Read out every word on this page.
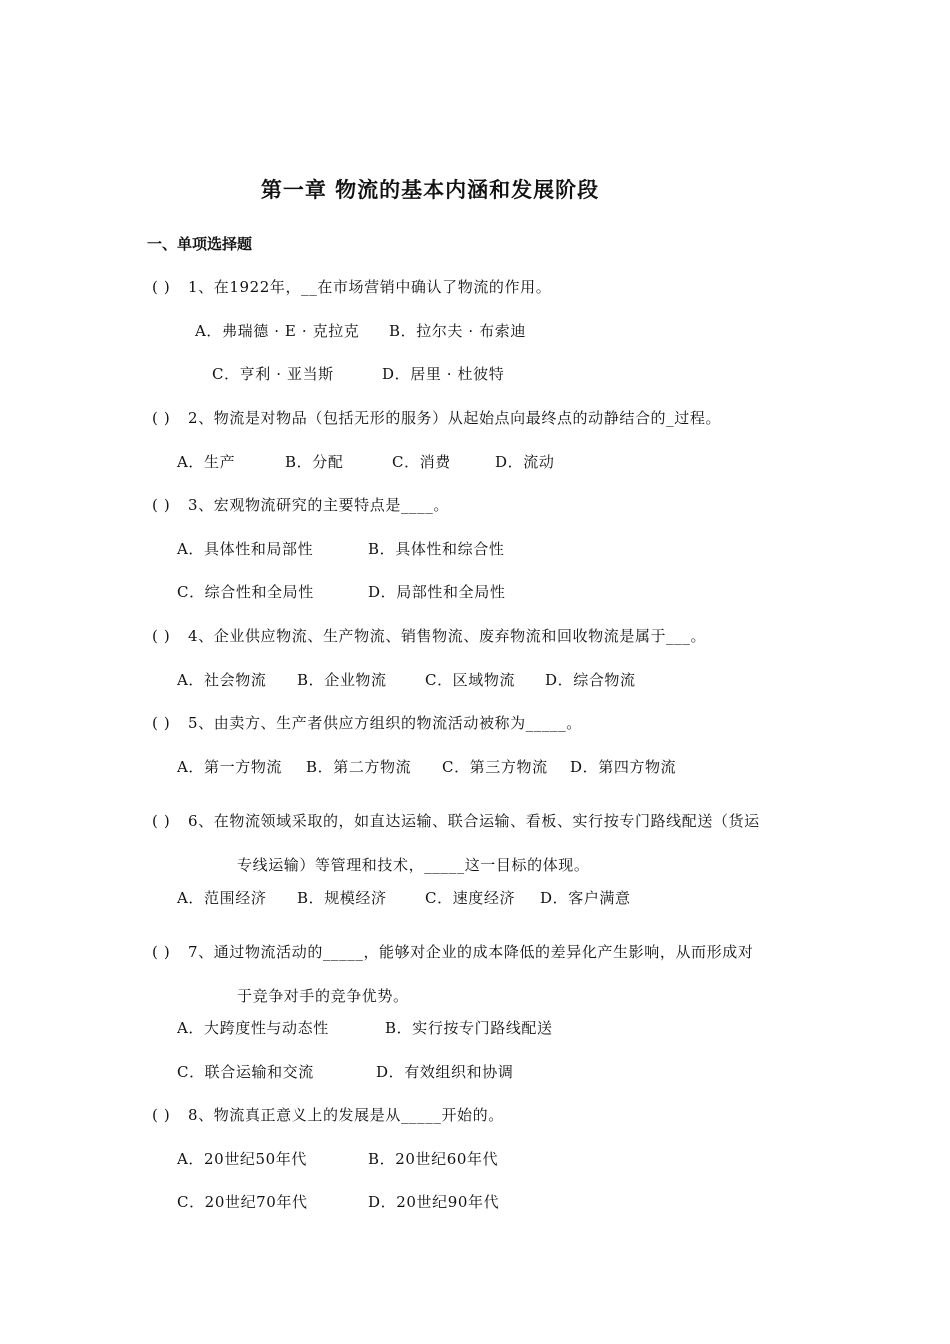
第一章 物流的基本内涵和发展阶段
一、单项选择题
( ) 1、在1922年，__在市场营销中确认了物流的作用。
A．弗瑞德 · E · 克拉克 B．拉尔夫 · 布索迪
C．亨利 · 亚当斯	D．居里 · 杜彼特
( ) 2、物流是对物品（包括无形的服务）从起始点向最终点的动静结合的_过程。
A．生产	B．分配	C．消费	D．流动
( ) 3、宏观物流研究的主要特点是____。
A．具体性和局部性	B．具体性和综合性
C．综合性和全局性	D．局部性和全局性
( ) 4、企业供应物流、生产物流、销售物流、废弃物流和回收物流是属于___。
A．社会物流 B．企业物流	C．区域物流 D．综合物流
( ) 5、由卖方、生产者供应方组织的物流活动被称为_____。
A．第一方物流 B．第二方物流 C．第三方物流 D．第四方物流
( ) 6、在物流领域采取的，如直达运输、联合运输、看板、实行按专门路线配送（货运
专线运输）等管理和技术，_____这一目标的体现。
A．范围经济 B．规模经济	C．速度经济 D．客户满意
( ) 7、通过物流活动的_____，能够对企业的成本降低的差异化产生影响，从而形成对
于竞争对手的竞争优势。
A．大跨度性与动态性	B．实行按专门路线配送
C．联合运输和交流	D．有效组织和协调
( ) 8、物流真正意义上的发展是从_____开始的。
A．20世纪50年代	B．20世纪60年代
C．20世纪70年代	D．20世纪90年代
